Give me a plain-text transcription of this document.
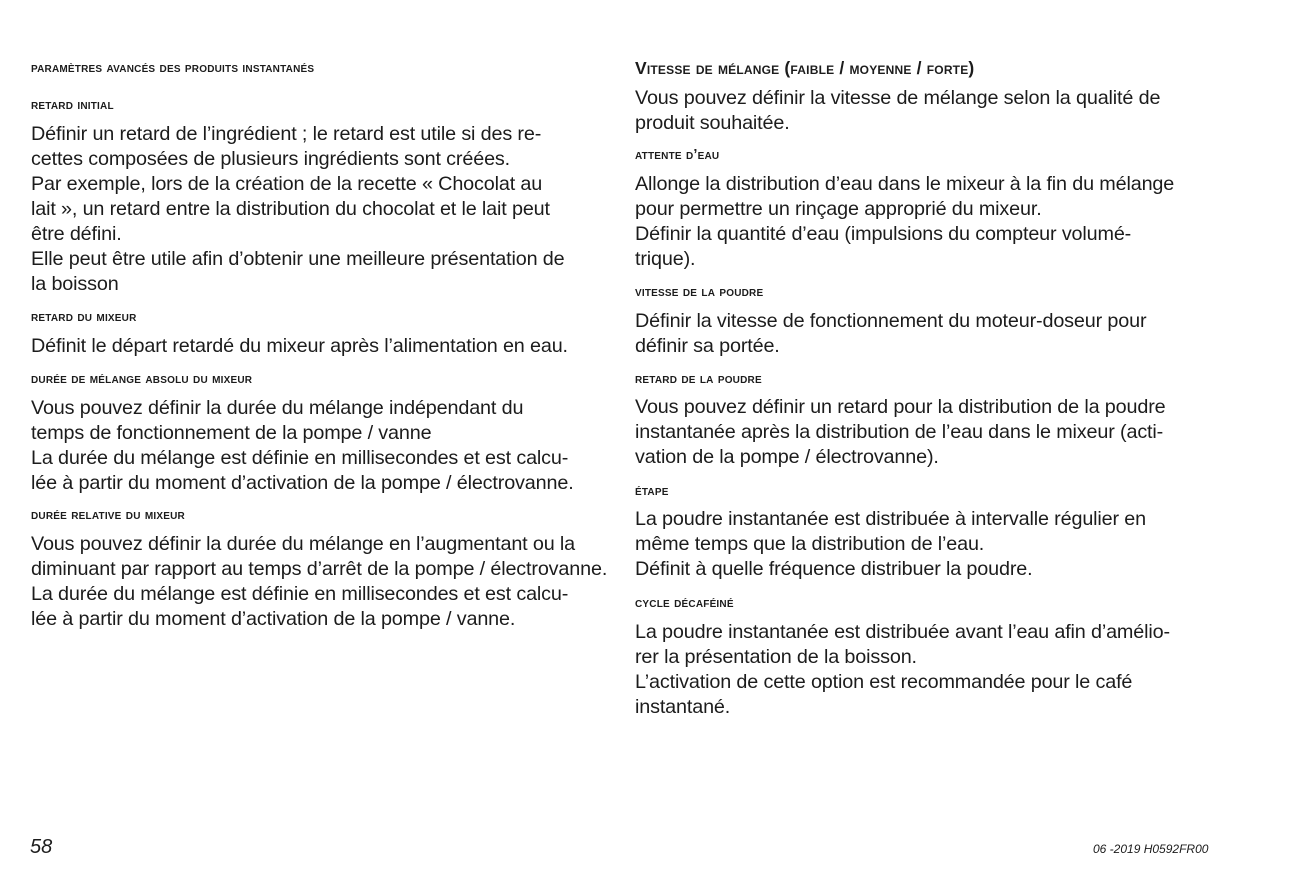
paramètres avancés des produits instantanés
retard initial
Définir un retard de l’ingrédient ; le retard est utile si des re-
cettes composées de plusieurs ingrédients sont créées.
Par exemple, lors de la création de la recette « Chocolat au
lait », un retard entre la distribution du chocolat et le lait peut
être défini.
Elle peut être utile afin d’obtenir une meilleure présentation de
la boisson
retard du mixeur
Définit le départ retardé du mixeur après l’alimentation en eau.
durée de mélange absolu du mixeur
Vous pouvez définir la durée du mélange indépendant du
temps de fonctionnement de la pompe / vanne
La durée du mélange est définie en millisecondes et est calcu-
lée à partir du moment d’activation de la pompe / électrovanne.
durée relative du mixeur
Vous pouvez définir la durée du mélange en l’augmentant ou la
diminuant par rapport au temps d’arrêt de la pompe / électrovanne.
La durée du mélange est définie en millisecondes et est calcu-
lée à partir du moment d’activation de la pompe / vanne.
Vitesse de mélange (faible / moyenne / forte)
Vous pouvez définir la vitesse de mélange selon la qualité de
produit souhaitée.
attente d’eau
Allonge la distribution d’eau dans le mixeur à la fin du mélange
pour permettre un rinçage approprié du mixeur.
Définir la quantité d’eau (impulsions du compteur volumé-
trique).
vitesse de la poudre
Définir la vitesse de fonctionnement du moteur-doseur pour
définir sa portée.
retard de la poudre
Vous pouvez définir un retard pour la distribution de la poudre
instantanée après la distribution de l’eau dans le mixeur (acti-
vation de la pompe / électrovanne).
étape
La poudre instantanée est distribuée à intervalle régulier en
même temps que la distribution de l’eau.
Définit à quelle fréquence distribuer la poudre.
cycle décaféiné
La poudre instantanée est distribuée avant l’eau afin d’amélio-
rer la présentation de la boisson.
L’activation de cette option est recommandée pour le café
instantané.
58	06 -2019 H0592FR00
